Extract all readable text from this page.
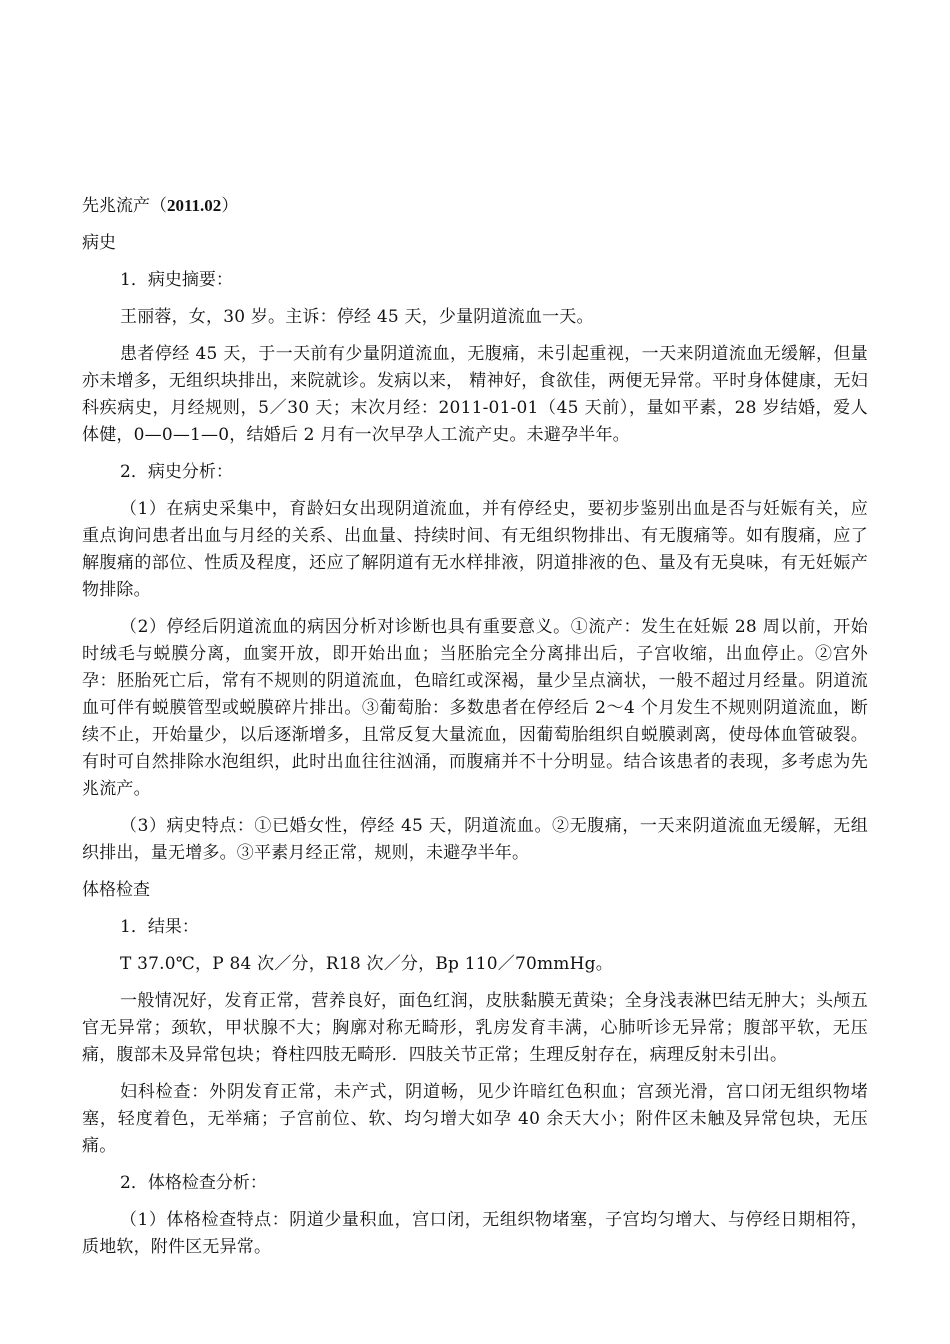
先兆流产（2011.02）
病史
1．病史摘要：
王丽蓉，女，30 岁。主诉：停经 45 天，少量阴道流血一天。
患者停经 45 天，于一天前有少量阴道流血，无腹痛，未引起重视，一天来阴道流血无缓解，但量亦未增多，无组织块排出，来院就诊。发病以来， 精神好，食欲佳，两便无异常。平时身体健康，无妇科疾病史，月经规则，5／30 天；末次月经：2011-01-01（45 天前），量如平素，28 岁结婚，爱人体健，0—0—1—0，结婚后 2 月有一次早孕人工流产史。未避孕半年。
2．病史分析：
（1）在病史采集中，育龄妇女出现阴道流血，并有停经史，要初步鉴别出血是否与妊娠有关，应重点询问患者出血与月经的关系、出血量、持续时间、有无组织物排出、有无腹痛等。如有腹痛，应了解腹痛的部位、性质及程度，还应了解阴道有无水样排液，阴道排液的色、量及有无臭味，有无妊娠产物排除。
（2）停经后阴道流血的病因分析对诊断也具有重要意义。①流产：发生在妊娠 28 周以前，开始时绒毛与蜕膜分离，血窦开放，即开始出血；当胚胎完全分离排出后，子宫收缩，出血停止。②宫外孕：胚胎死亡后，常有不规则的阴道流血，色暗红或深褐，量少呈点滴状，一般不超过月经量。阴道流血可伴有蜕膜管型或蜕膜碎片排出。③葡萄胎：多数患者在停经后 2～4 个月发生不规则阴道流血，断续不止，开始量少，以后逐渐增多，且常反复大量流血，因葡萄胎组织自蜕膜剥离，使母体血管破裂。有时可自然排除水泡组织，此时出血往往汹涌，而腹痛并不十分明显。结合该患者的表现，多考虑为先兆流产。
（3）病史特点：①已婚女性，停经 45 天，阴道流血。②无腹痛，一天来阴道流血无缓解，无组织排出，量无增多。③平素月经正常，规则，未避孕半年。
体格检查
1．结果：
T 37.0℃，P 84 次／分，R18 次／分，Bp 110／70mmHg。
一般情况好，发育正常，营养良好，面色红润，皮肤黏膜无黄染；全身浅表淋巴结无肿大；头颅五官无异常；颈软，甲状腺不大；胸廓对称无畸形，乳房发育丰满，心肺听诊无异常；腹部平软，无压痛，腹部未及异常包块；脊柱四肢无畸形．四肢关节正常；生理反射存在，病理反射未引出。
妇科检查：外阴发育正常，未产式，阴道畅，见少许暗红色积血；宫颈光滑，宫口闭无组织物堵塞，轻度着色，无举痛；子宫前位、软、均匀增大如孕 40 余天大小；附件区未触及异常包块，无压痛。
2．体格检查分析：
（1）体格检查特点：阴道少量积血，宫口闭，无组织物堵塞，子宫均匀增大、与停经日期相符，质地软，附件区无异常。
